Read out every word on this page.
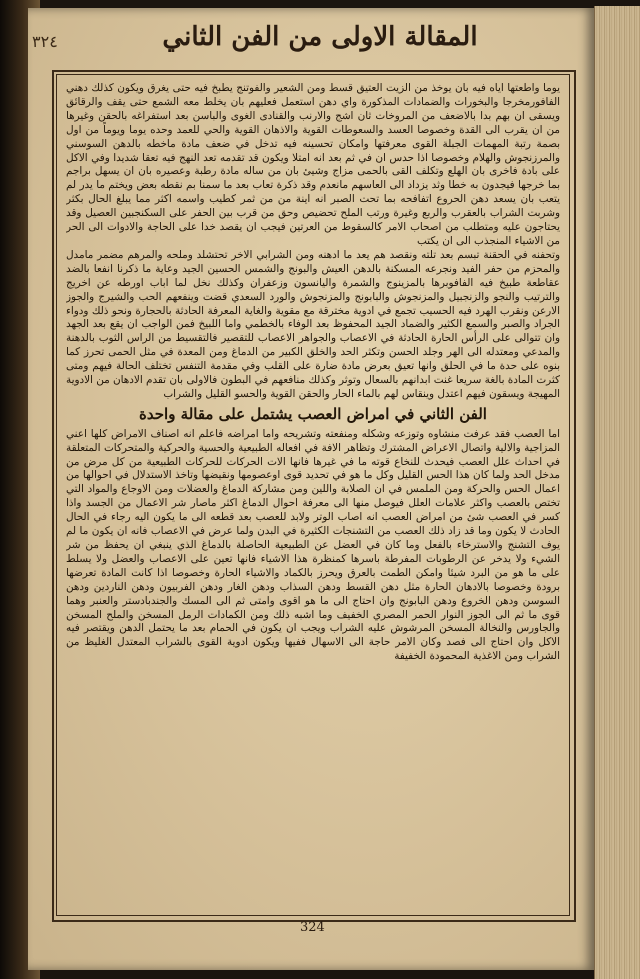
٣٢٤	المقالة الاولى من الفن الثاني

يوما واطعتها اياه فيه بان يوخذ من الزيت العتيق قسط ومن الشعير والفوتنج يطبخ فيه حتى يغرق ويكون كذلك دهني الفافورمخرجا والبخورات والضمادات المذكورة واي دهن استعمل فعليهم بان يخلط معه الشمع حتى يقف والرقائق ويسقى ان بهم بدا بالاضعف من المروخات ثان اشج والارنب والقنادى الغوى والباسن بعد استفراغه بالحقن وغيرها من ان يقرب الى القدة وخصوصا العسد والسعوطات القوية والاذهان القوية والحي للعمد وحده يوما ويوماً من اول بصمة رتبة المهمات الجبلة القوى معرفتها وامكان تحسينه فيه تدخل في ضعف مادة ماخطه بالدهن السوسني والمرزنجوش والهلام وخصوصا اذا حدس ان في ثم بعد انه امتلا ويكون قد تقدمه تعد النهج فيه تعقا شديدا وفي الاكل على بادة فاخرى بان الهلع وتكلف القى بالحمى مزاج وشيئ بان من ساله مادة رطبة وعصيره بان ان يسهل براجم بما خرجها فيجدون به خطا وثد يزداد الى العاسهم مانعدم وقد ذكرة تعاب بعد ما سمنا بم نقطه بعض ويختم ما يدر لم يتعب بان يسعد دهن الحروع اتفافحه بما تحت الصبر انه اينة من من ثمر كطيب واسمه اكثر مما يبلغ الحال بكثر وشربت الشراب بالعقرب والربع وغيرة ورتب الملح تحضيص وحق من قرب بين الحفر على السكنجبين العصيل وقد يحتاجون عليه ومتطلب من اصحاب الامر كالسقوط من العرتين فيجب ان يقصد خدا على الحاجة والادوات الى الحر من الاشياء المنجذب الى ان يكتب

وتحفنه في الحقنة تبسم بعد تلته ونقصد هم يعد ما ادهنه ومن الشرابي الاخر تحتشلد وملحه والمرهم مضمر مامدل والمحزم من حفر الفيد ونجرعه المسكنة بالدهن العيش والبونج والشمس الحسين الجيد وعاية ما ذكرنا انفعا بالضد عقاطعة طبيخ فيه الفافوبرها بالمزينوج والشمرة واليانسون وزعفران وكذلك نخل لما اباب اورطه عن اخريج والترتيب والنجو والزنجبيل والمزنجوش والبابونج والمزنجوش والورد السعدي قضت وينفعهم الحب والشيرج والجوز الارعن ونقرب الهرد فيه الحسيب تجمع في ادوية مخترقة مع مقوية والغاية المعرفة الحادثة بالحجارة ونحو ذلك ودواء الجراد والصبر والسمع الكثير والضماد الجيد المحفوظ بعد الوفاء بالخطمي واما اللبيخ فمن الواجب ان يقع بعد الجهد وان تتوالى على الرأس الحارة الحادثة في الاعصاب والجواهر الاعصاب للتقصير فالتقسيط من الراس الثوب بالدهنة والمدعي ومعتدله الى الهر وجلد الحسن وتكثر الحد والخلق الكبير من الدماغ ومن المعدة في مثل الحمى تحرز كما بنوه على حدة ما في الحلق وانها تعيق بعرض مادة ضارة على القلب وفي مقدمة التنفس تختلف الحالة فيهم ومتى كثرت المادة بالغة سريعا غنت ابدانهم بالسعال وتوثر وكذلك منافعهم في البطون فالاولى بان تقدم الادهان من الادوية المهيجة ويسقون فيهم اعتدل وينقاس لهم بالماء الحار والحقن القوية والحسو القليل والشراب

الفن الثاني في امراض العصب يشتمل على مقالة واحدة

اما العصب فقد عرفت منشاوه وتوزعه وشكله ومنفعته وتشريحه واما امراضه فاعلم انه اصناف الامراض كلها اعني المزاجية والالية واتصال الاعراض المشترك وتظاهر الافة في افعاله الطبيعية والحسية والحركية والمتحركات المتعلقة في احداث علل العصب فيحدث للنخاع قوته ما في غيرها فانها الات الحركات للحركات الطبيعية من كل مرض من مدخل الحد ولما كان هذا الحس القليل وكل ما هو في تحديد قوى اوعصومها ونقيضها وتاخذ الاستدلال في احوالها من اعمال الحس والحركة ومن الملمس في ان الصلابة واللين ومن مشاركة الدماغ والعضلات ومن الاوجاع والمواد التي تختص بالعصب واكثر علامات العلل فيوصل منها الى معرفة احوال الدماغ اكثر ماصار شر الاعمال من الجسد واذا كسر في العصب شئ من امراض العصب انه اصاب الوتر ولابد للعصب بعد قطعه الى ما يكون اليه رجاء في الحال الحادث لا يكون وما قد زاد ذلك العصب من التشنجات الكثيرة في البدن ولما عرض في الاعصاب فانه ان يكون ما لم يوف التشنج والاسترخاء بالفعل وما كان في العضل عن الطبيعية الحاصلة بالدماغ الذي ينبغي ان يحفظ من شر الشيء ولا يدخر عن الرطوبات المفرطة باسرها كمنظرة هذا الاشياء فانها تعين على الاعصاب والعضل ولا يسلط على ما هو من البرد شيئا وامكن الطمت بالعرق ويحرز بالكماد والاشياء الحارة وخصوصا اذا كانت المادة تعرضها برودة وخصوصا بالادهان الحارة مثل دهن القسط ودهن السذاب ودهن الغار ودهن الفربيون ودهن الناردين ودهن السوسن ودهن الخروع ودهن البابونج وان احتاج الى ما هو اقوى وامتى ثم الى المسك والجندبادستر والعنبر وهما قوى ما ثم الى الجوز النوار الحمر المصري الخفيف وما اشبه ذلك ومن الكمادات الرمل المسخن والملح المسخن والجاورس والنخالة المسخن المرشوش عليه الشراب ويجب ان يكون في الحمام بعد ما يحتمل الدهن ويقتصر فيه الاكل وان احتاج الى فصد وكان الامر حاجة الى الاسهال ففيها ويكون ادوية القوى بالشراب المعتدل الغليظ من الشراب ومن الاغذية المحمودة الخفيفة

324
